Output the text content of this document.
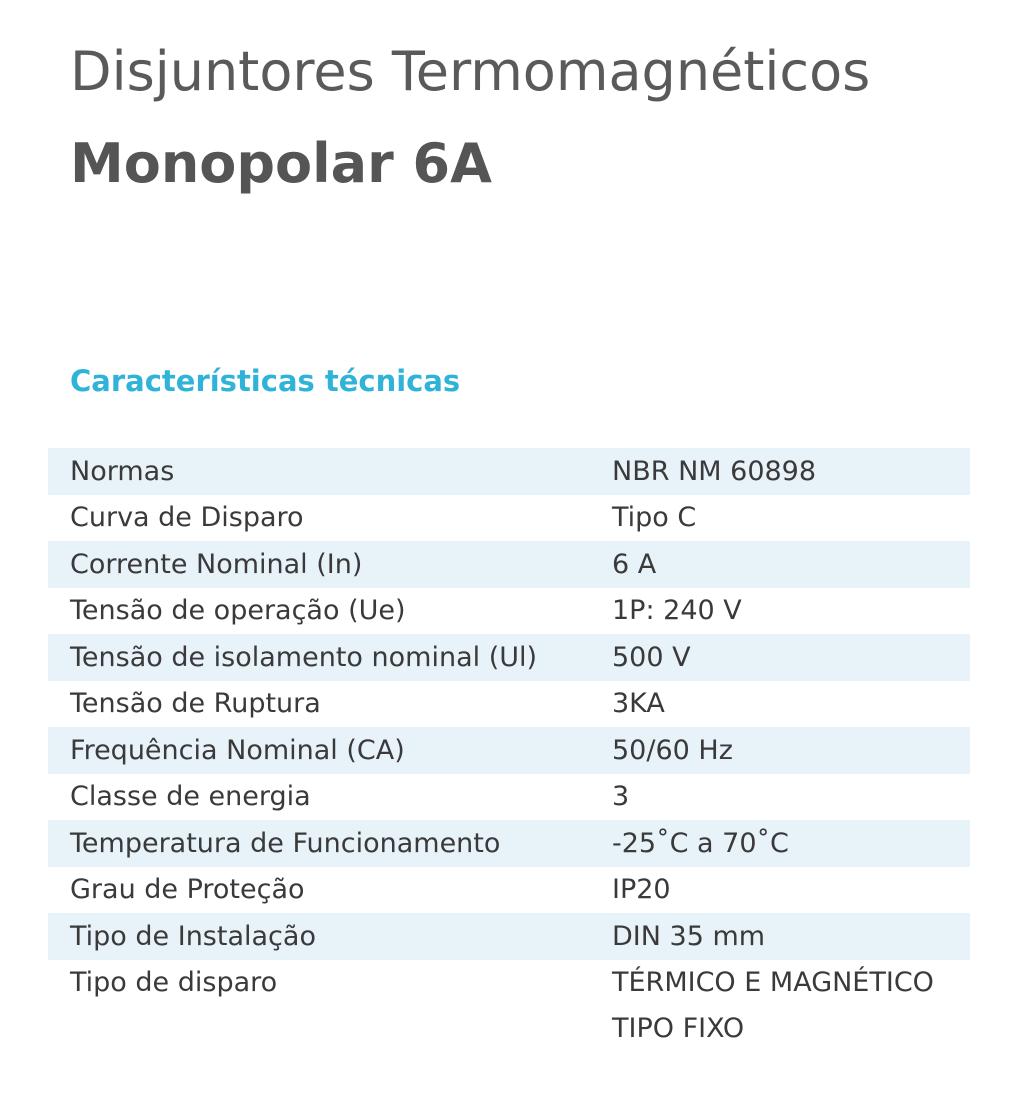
Disjuntores Termomagnéticos
Monopolar 6A
Características técnicas
Normas	NBR NM 60898
Curva de Disparo	Tipo C
Corrente Nominal (In)	6 A
Tensão de operação (Ue)	1P: 240 V
Tensão de isolamento nominal (Ul)	500 V
Tensão de Ruptura	3KA
Frequência Nominal (CA)	50/60 Hz
Classe de energia	3
Temperatura de Funcionamento	-25˚C a 70˚C
Grau de Proteção	IP20
Tipo de Instalação	DIN 35 mm
Tipo de disparo	TÉRMICO E MAGNÉTICO
TIPO FIXO
